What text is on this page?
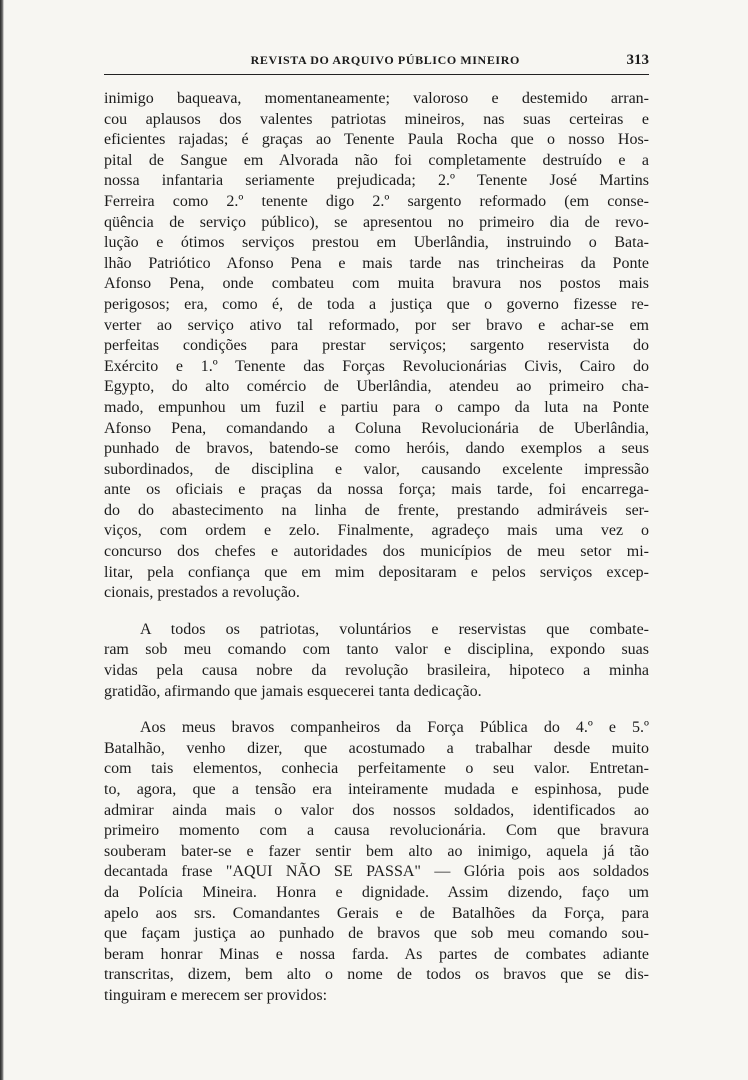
REVISTA DO ARQUIVO PÚBLICO MINEIRO	313

inimigo baqueava, momentaneamente; valoroso e destemido arran-
cou aplausos dos valentes patriotas mineiros, nas suas certeiras e
eficientes rajadas; é graças ao Tenente Paula Rocha que o nosso Hos-
pital de Sangue em Alvorada não foi completamente destruído e a
nossa infantaria seriamente prejudicada; 2.º Tenente José Martins
Ferreira como 2.º tenente digo 2.º sargento reformado (em conse-
qüência de serviço público), se apresentou no primeiro dia de revo-
lução e ótimos serviços prestou em Uberlândia, instruindo o Bata-
lhão Patriótico Afonso Pena e mais tarde nas trincheiras da Ponte
Afonso Pena, onde combateu com muita bravura nos postos mais
perigosos; era, como é, de toda a justiça que o governo fizesse re-
verter ao serviço ativo tal reformado, por ser bravo e achar-se em
perfeitas condições para prestar serviços; sargento reservista do
Exército e 1.º Tenente das Forças Revolucionárias Civis, Cairo do
Egypto, do alto comércio de Uberlândia, atendeu ao primeiro cha-
mado, empunhou um fuzil e partiu para o campo da luta na Ponte
Afonso Pena, comandando a Coluna Revolucionária de Uberlândia,
punhado de bravos, batendo-se como heróis, dando exemplos a seus
subordinados, de disciplina e valor, causando excelente impressão
ante os oficiais e praças da nossa força; mais tarde, foi encarrega-
do do abastecimento na linha de frente, prestando admiráveis ser-
viços, com ordem e zelo. Finalmente, agradeço mais uma vez o
concurso dos chefes e autoridades dos municípios de meu setor mi-
litar, pela confiança que em mim depositaram e pelos serviços excep-
cionais, prestados a revolução.

A todos os patriotas, voluntários e reservistas que combate-
ram sob meu comando com tanto valor e disciplina, expondo suas
vidas pela causa nobre da revolução brasileira, hipoteco a minha
gratidão, afirmando que jamais esquecerei tanta dedicação.

Aos meus bravos companheiros da Força Pública do 4.º e 5.º
Batalhão, venho dizer, que acostumado a trabalhar desde muito
com tais elementos, conhecia perfeitamente o seu valor. Entretan-
to, agora, que a tensão era inteiramente mudada e espinhosa, pude
admirar ainda mais o valor dos nossos soldados, identificados ao
primeiro momento com a causa revolucionária. Com que bravura
souberam bater-se e fazer sentir bem alto ao inimigo, aquela já tão
decantada frase "AQUI NÃO SE PASSA" — Glória pois aos soldados
da Polícia Mineira. Honra e dignidade. Assim dizendo, faço um
apelo aos srs. Comandantes Gerais e de Batalhões da Força, para
que façam justiça ao punhado de bravos que sob meu comando sou-
beram honrar Minas e nossa farda. As partes de combates adiante
transcritas, dizem, bem alto o nome de todos os bravos que se dis-
tinguiram e merecem ser providos:
